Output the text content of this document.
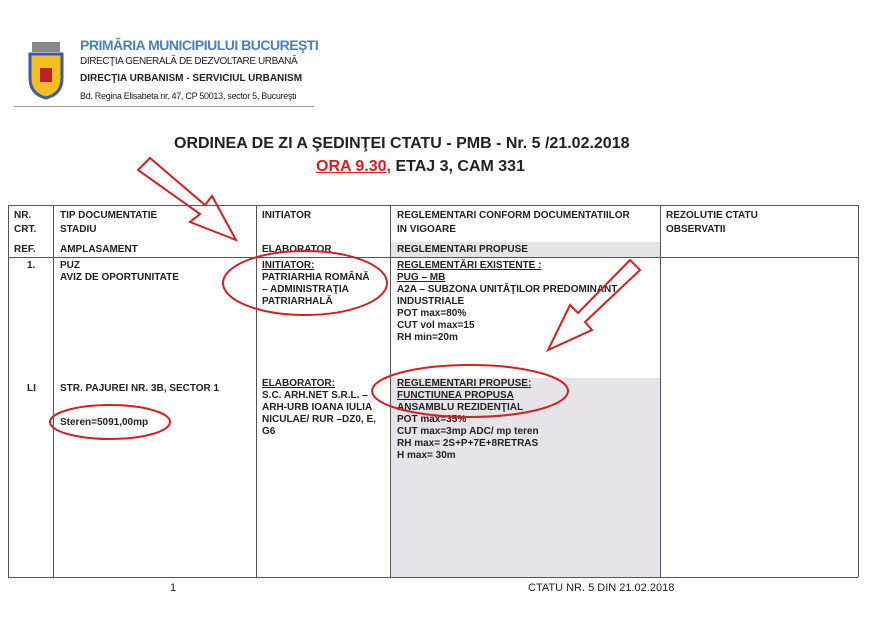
PRIMĂRIA MUNICIPIULUI BUCUREŞTI
DIRECŢIA GENERALĂ DE DEZVOLTARE URBANĂ
DIRECŢIA URBANISM - SERVICIUL URBANISM
Bd. Regina Elisabeta nr. 47, CP 50013, sector 5, Bucureşti
ORDINEA DE ZI A ŞEDINŢEI CTATU - PMB - Nr. 5 /21.02.2018
ORA 9.30, ETAJ 3, CAM 331
NR.
CRT.
REF.
TIP DOCUMENTATIE
STADIU
AMPLASAMENT
INITIATOR
ELABORATOR
REGLEMENTARI CONFORM DOCUMENTATIILOR
IN VIGOARE
REGLEMENTARI PROPUSE
REZOLUTIE CTATU
OBSERVATII
1.
LI
PUZ
AVIZ DE OPORTUNITATE
STR. PAJUREI NR. 3B, SECTOR 1
Steren=5091,00mp
INITIATOR:
PATRIARHIA ROMÂNĂ
– ADMINISTRAŢIA
PATRIARHALĂ
ELABORATOR:
S.C. ARH.NET S.R.L. –
ARH-URB IOANA IULIA
NICULAE/ RUR –DZ0, E,
G6
REGLEMENTĂRI EXISTENTE :
PUG – MB
A2A – SUBZONA UNITĂŢILOR PREDOMINANT
INDUSTRIALE
POT max=80%
CUT vol max=15
RH min=20m
REGLEMENTARI PROPUSE:
FUNCTIUNEA PROPUSA
ANSAMBLU REZIDENŢIAL
POT max=35%
CUT max=3mp ADC/ mp teren
RH max= 2S+P+7E+8RETRAS
H max= 30m
1	CTATU NR. 5 DIN 21.02.2018
